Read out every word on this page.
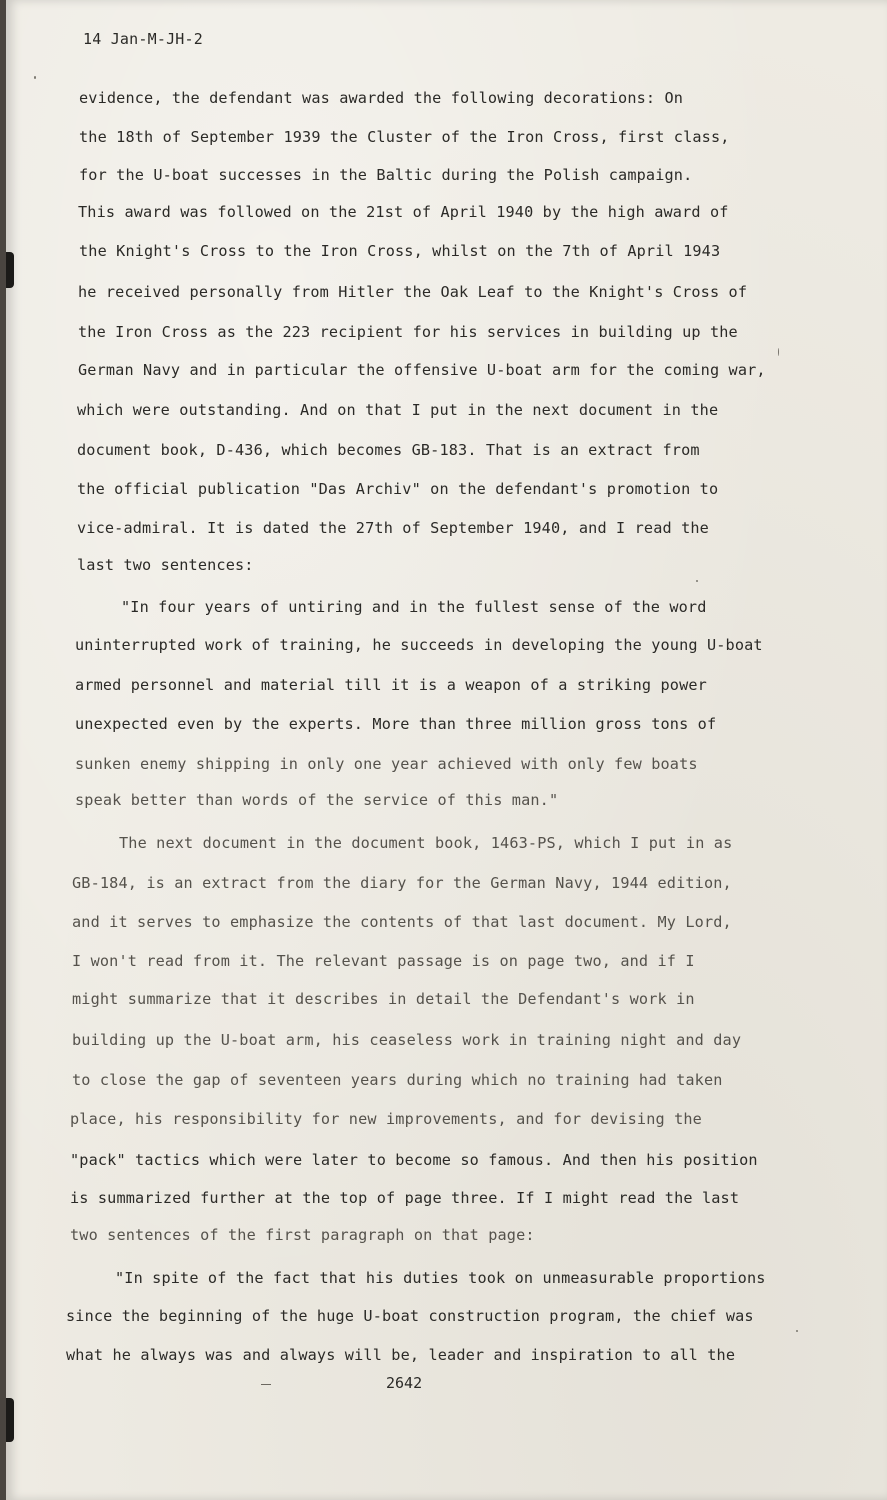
14 Jan-M-JH-2
evidence, the defendant was awarded the following decorations: On
the 18th of September 1939 the Cluster of the Iron Cross, first class,
for the U-boat successes in the Baltic during the Polish campaign.
This award was followed on the 21st of April 1940 by the high award of
the Knight's Cross to the Iron Cross, whilst on the 7th of April 1943
he received personally from Hitler the Oak Leaf to the Knight's Cross of
the Iron Cross as the 223 recipient for his services in building up the
German Navy and in particular the offensive U-boat arm for the coming war,
which were outstanding. And on that I put in the next document in the
document book, D-436, which becomes GB-183. That is an extract from
the official publication "Das Archiv" on the defendant's promotion to
vice-admiral. It is dated the 27th of September 1940, and I read the
last two sentences:
"In four years of untiring and in the fullest sense of the word
uninterrupted work of training, he succeeds in developing the young U-boat
armed personnel and material till it is a weapon of a striking power
unexpected even by the experts. More than three million gross tons of
sunken enemy shipping in only one year achieved with only few boats
speak better than words of the service of this man."
The next document in the document book, 1463-PS, which I put in as
GB-184, is an extract from the diary for the German Navy, 1944 edition,
and it serves to emphasize the contents of that last document. My Lord,
I won't read from it. The relevant passage is on page two, and if I
might summarize that it describes in detail the Defendant's work in
building up the U-boat arm, his ceaseless work in training night and day
to close the gap of seventeen years during which no training had taken
place, his responsibility for new improvements, and for devising the
"pack" tactics which were later to become so famous. And then his position
is summarized further at the top of page three. If I might read the last
two sentences of the first paragraph on that page:
"In spite of the fact that his duties took on unmeasurable proportions
since the beginning of the huge U-boat construction program, the chief was
what he always was and always will be, leader and inspiration to all the
2642
